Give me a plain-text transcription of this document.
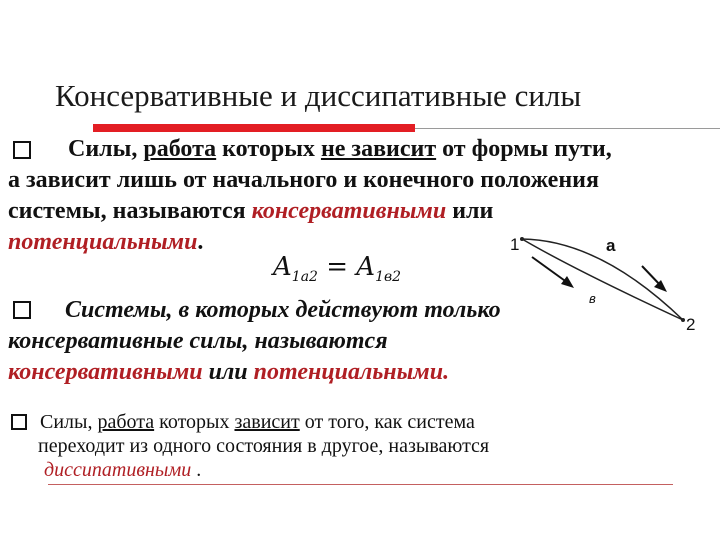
Консервативные и диссипативные силы
Силы, работа которых не зависит от формы пути,
а зависит лишь от начального и конечного положения
системы, называются консервативными или
потенциальными.
$A_{1a2} = A_{1в2}$
1	а
в
2
Системы, в которых действуют только
консервативные силы, называются
консервативными или потенциальными.
Силы, работа которых зависит от того, как система
переходит из одного состояния в другое, называются
диссипативными .
